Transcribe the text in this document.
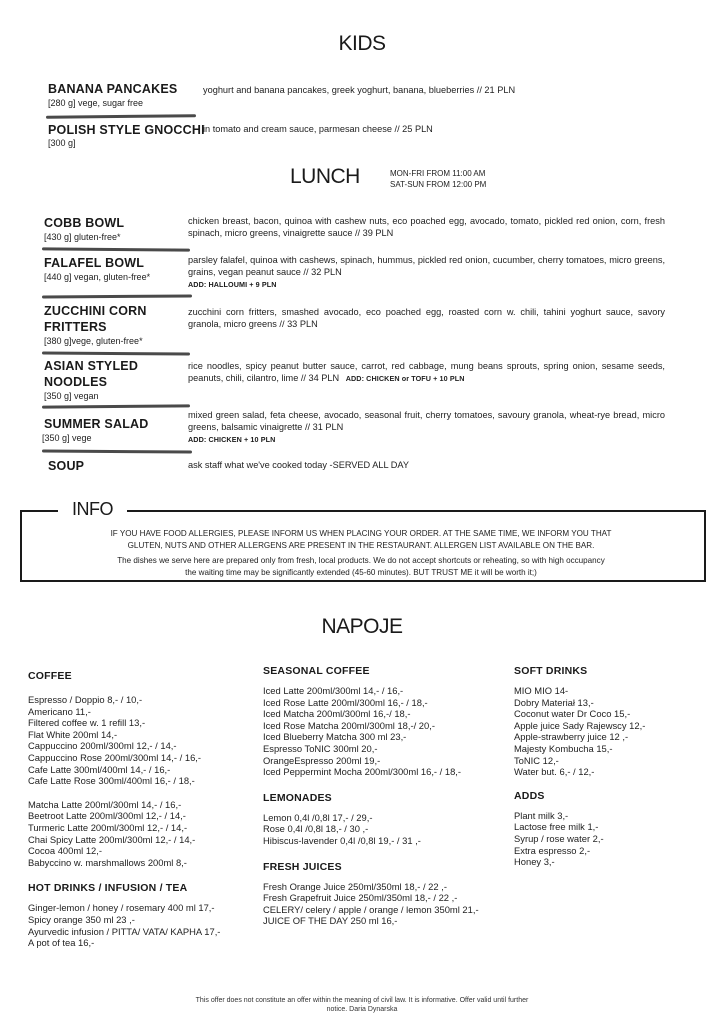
KIDS
BANANA PANCAKES
[280 g] vege, sugar free
yoghurt and banana pancakes, greek yoghurt, banana, blueberries // 21 PLN
POLISH STYLE GNOCCHI
[300 g]
in tomato and cream sauce, parmesan cheese // 25 PLN
LUNCH	MON-FRI FROM 11:00 AM
SAT-SUN FROM 12:00 PM
COBB BOWL
[430 g] gluten-free*
chicken breast, bacon, quinoa with cashew nuts, eco poached egg, avocado, tomato, pickled red onion, corn, fresh spinach, micro greens, vinaigrette sauce // 39 PLN
FALAFEL BOWL
[440 g] vegan, gluten-free*
parsley falafel, quinoa with cashews, spinach, hummus, pickled red onion, cucumber, cherry tomatoes, micro greens, grains, vegan peanut sauce // 32 PLN
ADD: HALLOUMI + 9 PLN
ZUCCHINI CORN
FRITTERS
[380 g]vege, gluten-free*
zucchini corn fritters, smashed avocado, eco poached egg, roasted corn w. chili, tahini yoghurt sauce, savory granola, micro greens // 33 PLN
ASIAN STYLED
NOODLES
[350 g] vegan
rice noodles, spicy peanut butter sauce, carrot, red cabbage, mung beans sprouts, spring onion, sesame seeds, peanuts, chili, cilantro, lime // 34 PLN ADD: CHICKEN or TOFU + 10 PLN
SUMMER SALAD
[350 g] vege
mixed green salad, feta cheese, avocado, seasonal fruit, cherry tomatoes, savoury granola, wheat-rye bread, micro greens, balsamic vinaigrette // 31 PLN
ADD: CHICKEN + 10 PLN
SOUP	ask staff what we've cooked today -SERVED ALL DAY
INFO
IF YOU HAVE FOOD ALLERGIES, PLEASE INFORM US WHEN PLACING YOUR ORDER. AT THE SAME TIME, WE INFORM YOU THAT
GLUTEN, NUTS AND OTHER ALLERGENS ARE PRESENT IN THE RESTAURANT. ALLERGEN LIST AVAILABLE ON THE BAR.
The dishes we serve here are prepared only from fresh, local products. We do not accept shortcuts or reheating, so with high occupancy
the waiting time may be significantly extended (45-60 minutes). BUT TRUST ME it will be worth it;)
NAPOJE
COFFEE
Espresso / Doppio 8,- / 10,-
Americano 11,-
Filtered coffee w. 1 refill 13,-
Flat White 200ml 14,-
Cappuccino 200ml/300ml 12,- / 14,-
Cappuccino Rose 200ml/300ml 14,- / 16,-
Cafe Latte 300ml/400ml 14,- / 16,-
Cafe Latte Rose 300ml/400ml 16,- / 18,-
Matcha Latte 200ml/300ml 14,- / 16,-
Beetroot Latte 200ml/300ml 12,- / 14,-
Turmeric Latte 200ml/300ml 12,- / 14,-
Chai Spicy Latte 200ml/300ml 12,- / 14,-
Cocoa 400ml 12,-
Babyccino w. marshmallows 200ml 8,-
HOT DRINKS / INFUSION / TEA
Ginger-lemon / honey / rosemary 400 ml 17,-
Spicy orange 350 ml 23 ,-
Ayurvedic infusion / PITTA/ VATA/ KAPHA 17,-
A pot of tea 16,-
SEASONAL COFFEE
Iced Latte 200ml/300ml 14,- / 16,-
Iced Rose Latte 200ml/300ml 16,- / 18,-
Iced Matcha 200ml/300ml 16,-/ 18,-
Iced Rose Matcha 200ml/300ml 18,-/ 20,-
Iced Blueberry Matcha 300 ml 23,-
Espresso ToNIC 300ml 20,-
OrangeEspresso 200ml 19,-
Iced Peppermint Mocha 200ml/300ml 16,- / 18,-
LEMONADES
Lemon 0,4l /0,8l 17,- / 29,-
Rose 0,4l /0,8l 18,- / 30 ,-
Hibiscus-lavender 0,4l /0,8l 19,- / 31 ,-
FRESH JUICES
Fresh Orange Juice 250ml/350ml 18,- / 22 ,-
Fresh Grapefruit Juice 250ml/350ml 18,- / 22 ,-
CELERY/ celery / apple / orange / lemon 350ml 21,-
JUICE OF THE DAY 250 ml 16,-
SOFT DRINKS
MIO MIO 14-
Dobry Materiał 13,-
Coconut water Dr Coco 15,-
Apple juice Sady Rajewscy 12,-
Apple-strawberry juice 12 ,-
Majesty Kombucha 15,-
ToNIC 12,-
Water but. 6,- / 12,-
ADDS
Plant milk 3,-
Lactose free milk 1,-
Syrup / rose water 2,-
Extra espresso 2,-
Honey 3,-
This offer does not constitute an offer within the meaning of civil law. It is informative. Offer valid until further
notice. Daria Dynarska
